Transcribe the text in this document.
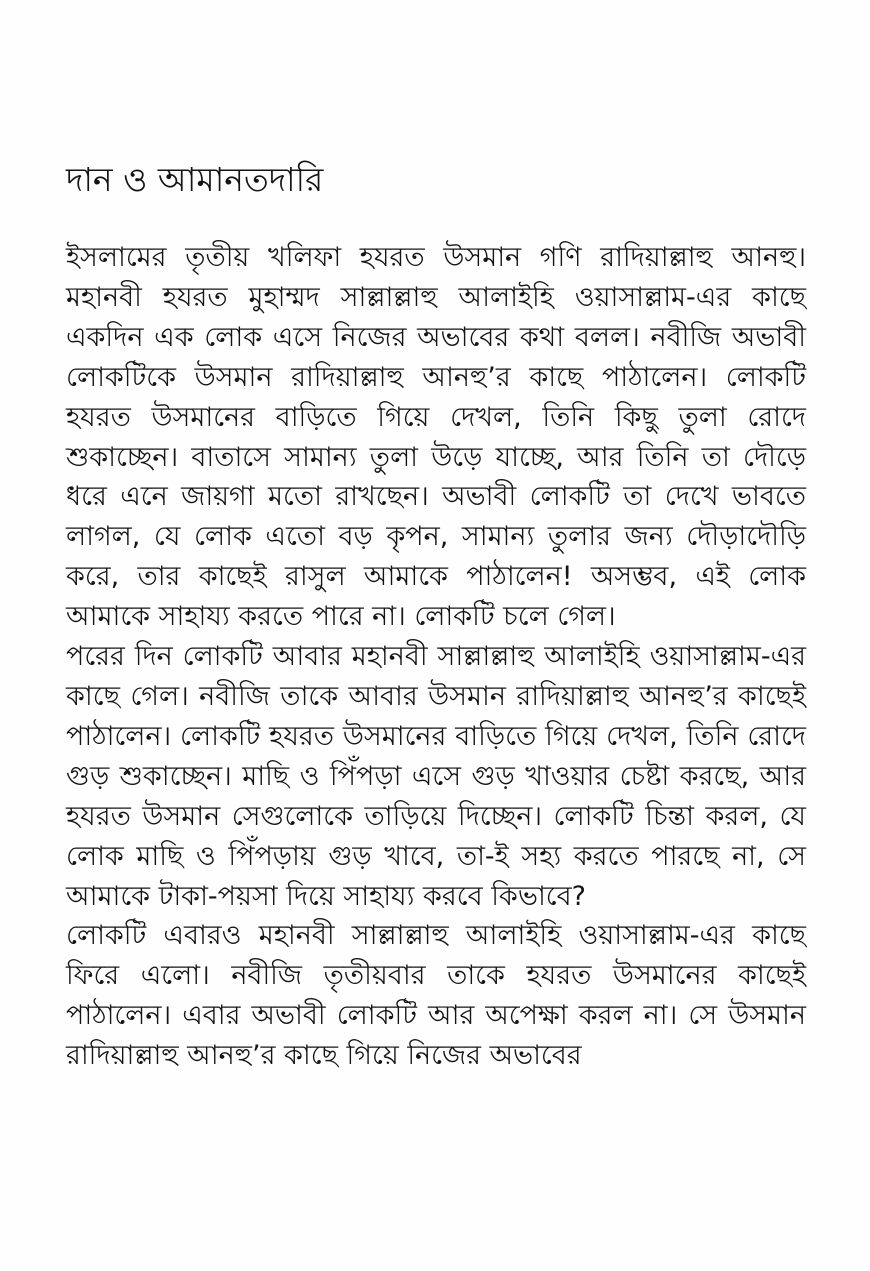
দান ও আমানতদারি

ইসলামের তৃতীয় খলিফা হযরত উসমান গণি রাদিয়াল্লাহু আনহু। মহানবী হযরত মুহাম্মদ সাল্লাল্লাহু আলাইহি ওয়াসাল্লাম-এর কাছে একদিন এক লোক এসে নিজের অভাবের কথা বলল। নবীজি অভাবী লোকটিকে উসমান রাদিয়াল্লাহু আনহু’র কাছে পাঠালেন। লোকটি হযরত উসমানের বাড়িতে গিয়ে দেখল, তিনি কিছু তুলা রোদে শুকাচ্ছেন। বাতাসে সামান্য তুলা উড়ে যাচ্ছে, আর তিনি তা দৌড়ে ধরে এনে জায়গা মতো রাখছেন। অভাবী লোকটি তা দেখে ভাবতে লাগল, যে লোক এতো বড় কৃপন, সামান্য তুলার জন্য দৌড়াদৌড়ি করে, তার কাছেই রাসুল আমাকে পাঠালেন! অসম্ভব, এই লোক আমাকে সাহায্য করতে পারে না। লোকটি চলে গেল।

পরের দিন লোকটি আবার মহানবী সাল্লাল্লাহু আলাইহি ওয়াসাল্লাম-এর কাছে গেল। নবীজি তাকে আবার উসমান রাদিয়াল্লাহু আনহু’র কাছেই পাঠালেন। লোকটি হযরত উসমানের বাড়িতে গিয়ে দেখল, তিনি রোদে গুড় শুকাচ্ছেন। মাছি ও পিঁপড়া এসে গুড় খাওয়ার চেষ্টা করছে, আর হযরত উসমান সেগুলোকে তাড়িয়ে দিচ্ছেন। লোকটি চিন্তা করল, যে লোক মাছি ও পিঁপড়ায় গুড় খাবে, তা-ই সহ্য করতে পারছে না, সে আমাকে টাকা-পয়সা দিয়ে সাহায্য করবে কিভাবে?

লোকটি এবারও মহানবী সাল্লাল্লাহু আলাইহি ওয়াসাল্লাম-এর কাছে ফিরে এলো। নবীজি তৃতীয়বার তাকে হযরত উসমানের কাছেই পাঠালেন। এবার অভাবী লোকটি আর অপেক্ষা করল না। সে উসমান রাদিয়াল্লাহু আনহু’র কাছে গিয়ে নিজের অভাবের
